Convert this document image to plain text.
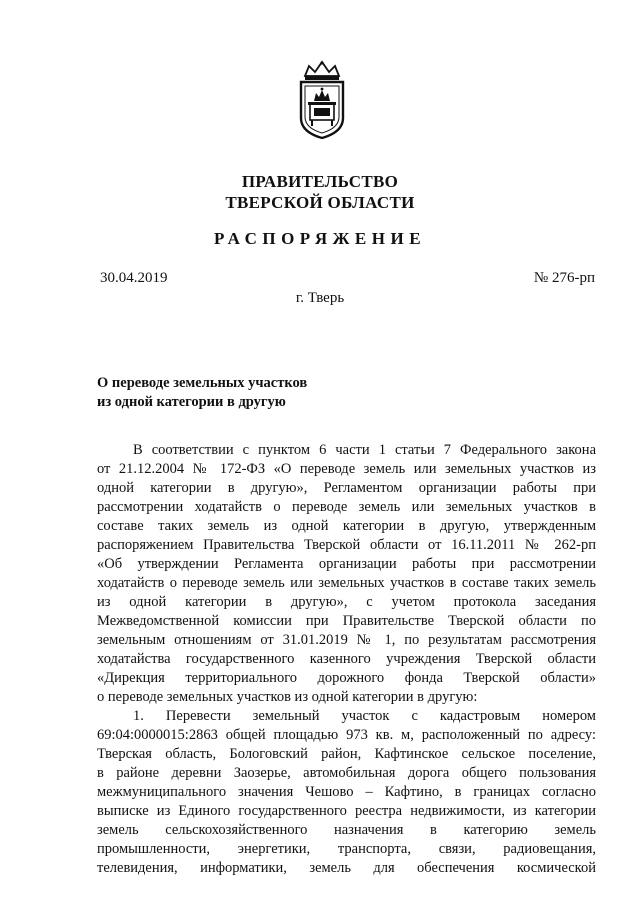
ПРАВИТЕЛЬСТВО
ТВЕРСКОЙ ОБЛАСТИ
РАСПОРЯЖЕНИЕ
30.04.2019	№ 276-рп
г. Тверь
О переводе земельных участков
из одной категории в другую
В соответствии с пунктом 6 части 1 статьи 7 Федерального закона
от 21.12.2004 № 172-ФЗ «О переводе земель или земельных участков из
одной категории в другую», Регламентом организации работы при
рассмотрении ходатайств о переводе земель или земельных участков в
составе таких земель из одной категории в другую, утвержденным
распоряжением Правительства Тверской области от 16.11.2011 № 262-рп
«Об утверждении Регламента организации работы при рассмотрении
ходатайств о переводе земель или земельных участков в составе таких земель
из одной категории в другую», с учетом протокола заседания
Межведомственной комиссии при Правительстве Тверской области по
земельным отношениям от 31.01.2019 № 1, по результатам рассмотрения
ходатайства государственного казенного учреждения Тверской области
«Дирекция территориального дорожного фонда Тверской области»
о переводе земельных участков из одной категории в другую:
1. Перевести земельный участок с кадастровым номером
69:04:0000015:2863 общей площадью 973 кв. м, расположенный по адресу:
Тверская область, Бологовский район, Кафтинское сельское поселение,
в районе деревни Заозерье, автомобильная дорога общего пользования
межмуниципального значения Чешово – Кафтино, в границах согласно
выписке из Единого государственного реестра недвижимости, из категории
земель сельскохозяйственного назначения в категорию земель
промышленности, энергетики, транспорта, связи, радиовещания,
телевидения, информатики, земель для обеспечения космической
